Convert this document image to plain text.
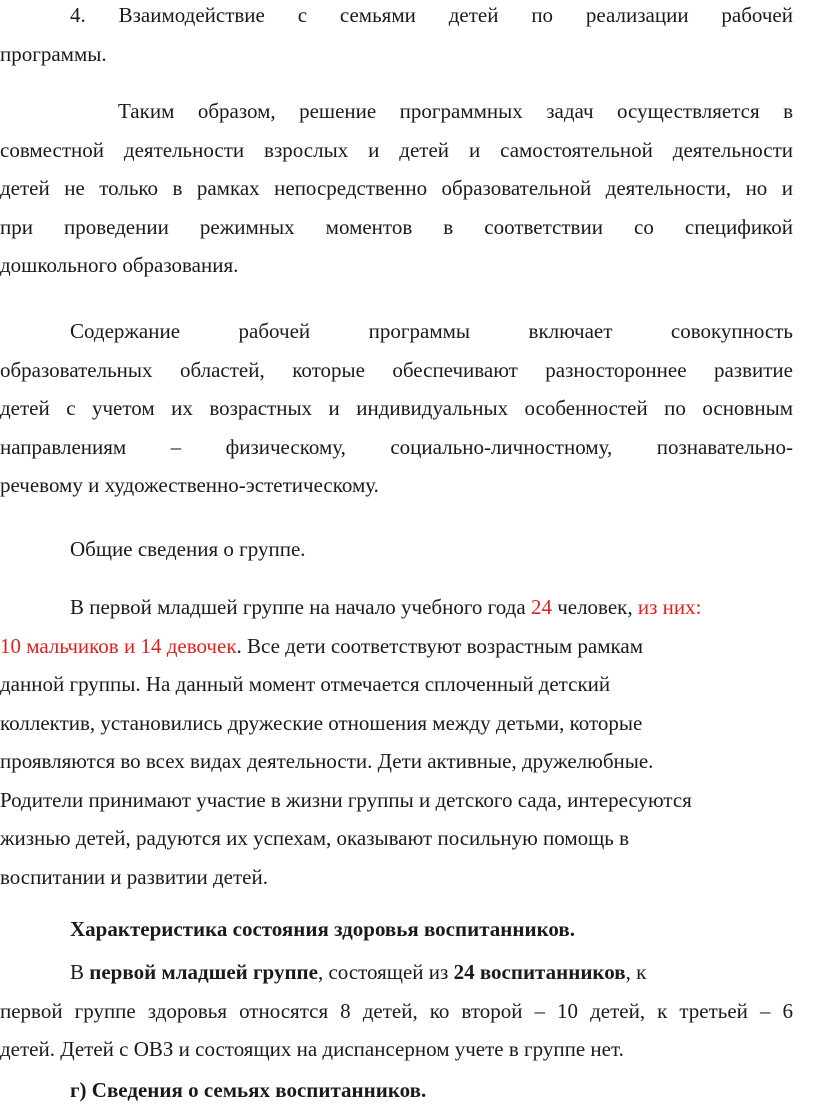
4. Взаимодействие с семьями детей по реализации рабочей
программы.
Таким образом, решение программных задач осуществляется в
совместной деятельности взрослых и детей и самостоятельной деятельности
детей не только в рамках непосредственно образовательной деятельности, но и
при проведении режимных моментов в соответствии со спецификой
дошкольного образования.
Содержание рабочей программы включает совокупность
образовательных областей, которые обеспечивают разностороннее развитие
детей с учетом их возрастных и индивидуальных особенностей по основным
направлениям – физическому, социально-личностному, познавательно-
речевому и художественно-эстетическому.
Общие сведения о группе.
В первой младшей группе на начало учебного года 24 человек, из них:
10 мальчиков и 14 девочек. Все дети соответствуют возрастным рамкам
данной группы. На данный момент отмечается сплоченный детский
коллектив, установились дружеские отношения между детьми, которые
проявляются во всех видах деятельности. Дети активные, дружелюбные.
Родители принимают участие в жизни группы и детского сада, интересуются
жизнью детей, радуются их успехам, оказывают посильную помощь в
воспитании и развитии детей.
Характеристика состояния здоровья воспитанников.
В первой младшей группе, состоящей из 24 воспитанников, к
первой группе здоровья относятся 8 детей, ко второй – 10 детей, к третьей – 6
детей. Детей с ОВЗ и состоящих на диспансерном учете в группе нет.
г) Сведения о семьях воспитанников.
